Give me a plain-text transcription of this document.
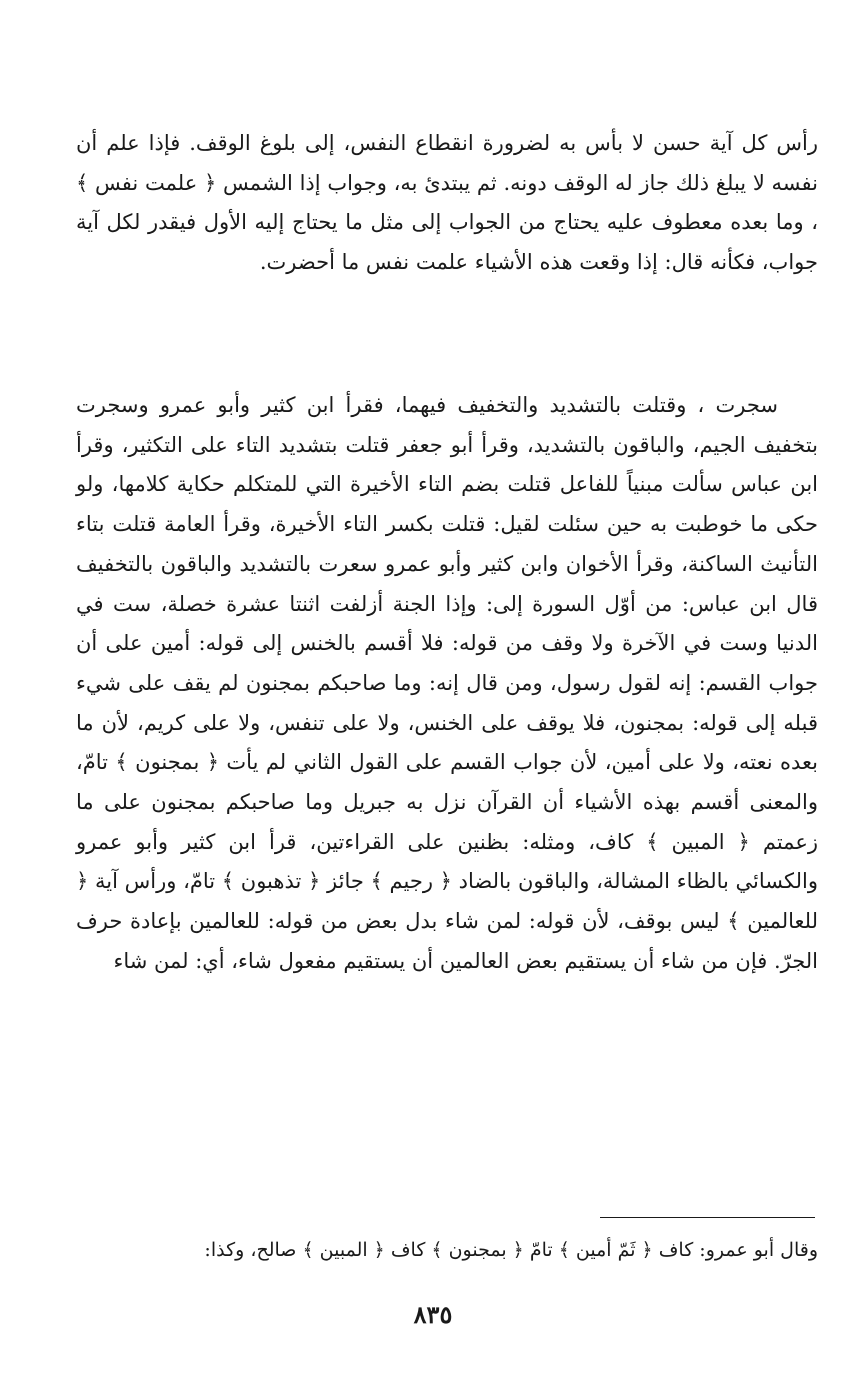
رأس كل آية حسن لا بأس به لضرورة انقطاع النفس، إلى بلوغ الوقف. فإذا علم أن نفسه لا يبلغ ذلك جاز له الوقف دونه. ثم يبتدئ به، وجواب إذا الشمس ﴿ علمت نفس ﴾ ، وما بعده معطوف عليه يحتاج من الجواب إلى مثل ما يحتاج إليه الأول فيقدر لكل آية جواب، فكأنه قال: إذا وقعت هذه الأشياء علمت نفس ما أحضرت.

سجرت ، وقتلت بالتشديد والتخفيف فيهما، فقرأ ابن كثير وأبو عمرو وسجرت بتخفيف الجيم، والباقون بالتشديد، وقرأ أبو جعفر قتلت بتشديد التاء على التكثير، وقرأ ابن عباس سألت مبنياً للفاعل قتلت بضم التاء الأخيرة التي للمتكلم حكاية كلامها، ولو حكى ما خوطبت به حين سئلت لقيل: قتلت بكسر التاء الأخيرة، وقرأ العامة قتلت بتاء التأنيث الساكنة، وقرأ الأخوان وابن كثير وأبو عمرو سعرت بالتشديد والباقون بالتخفيف قال ابن عباس: من أوّل السورة إلى: وإذا الجنة أزلفت اثنتا عشرة خصلة، ست في الدنيا وست في الآخرة ولا وقف من قوله: فلا أقسم بالخنس إلى قوله: أمين على أن جواب القسم: إنه لقول رسول، ومن قال إنه: وما صاحبكم بمجنون لم يقف على شيء قبله إلى قوله: بمجنون، فلا يوقف على الخنس، ولا على تنفس، ولا على كريم، لأن ما بعده نعته، ولا على أمين، لأن جواب القسم على القول الثاني لم يأت ﴿ بمجنون ﴾ تامّ، والمعنى أقسم بهذه الأشياء أن القرآن نزل به جبريل وما صاحبكم بمجنون على ما زعمتم ﴿ المبين ﴾ كاف، ومثله: بظنين على القراءتين، قرأ ابن كثير وأبو عمرو والكسائي بالظاء المشالة، والباقون بالضاد ﴿ رجيم ﴾ جائز ﴿ تذهبون ﴾ تامّ، ورأس آية ﴿ للعالمين ﴾ ليس بوقف، لأن قوله: لمن شاء بدل بعض من قوله: للعالمين بإعادة حرف الجرّ. فإن من شاء أن يستقيم بعض العالمين أن يستقيم مفعول شاء، أي: لمن شاء

وقال أبو عمرو: كاف ﴿ ثَمّ أمين ﴾ تامّ ﴿ بمجنون ﴾ كاف ﴿ المبين ﴾ صالح، وكذا:

٨٣٥
